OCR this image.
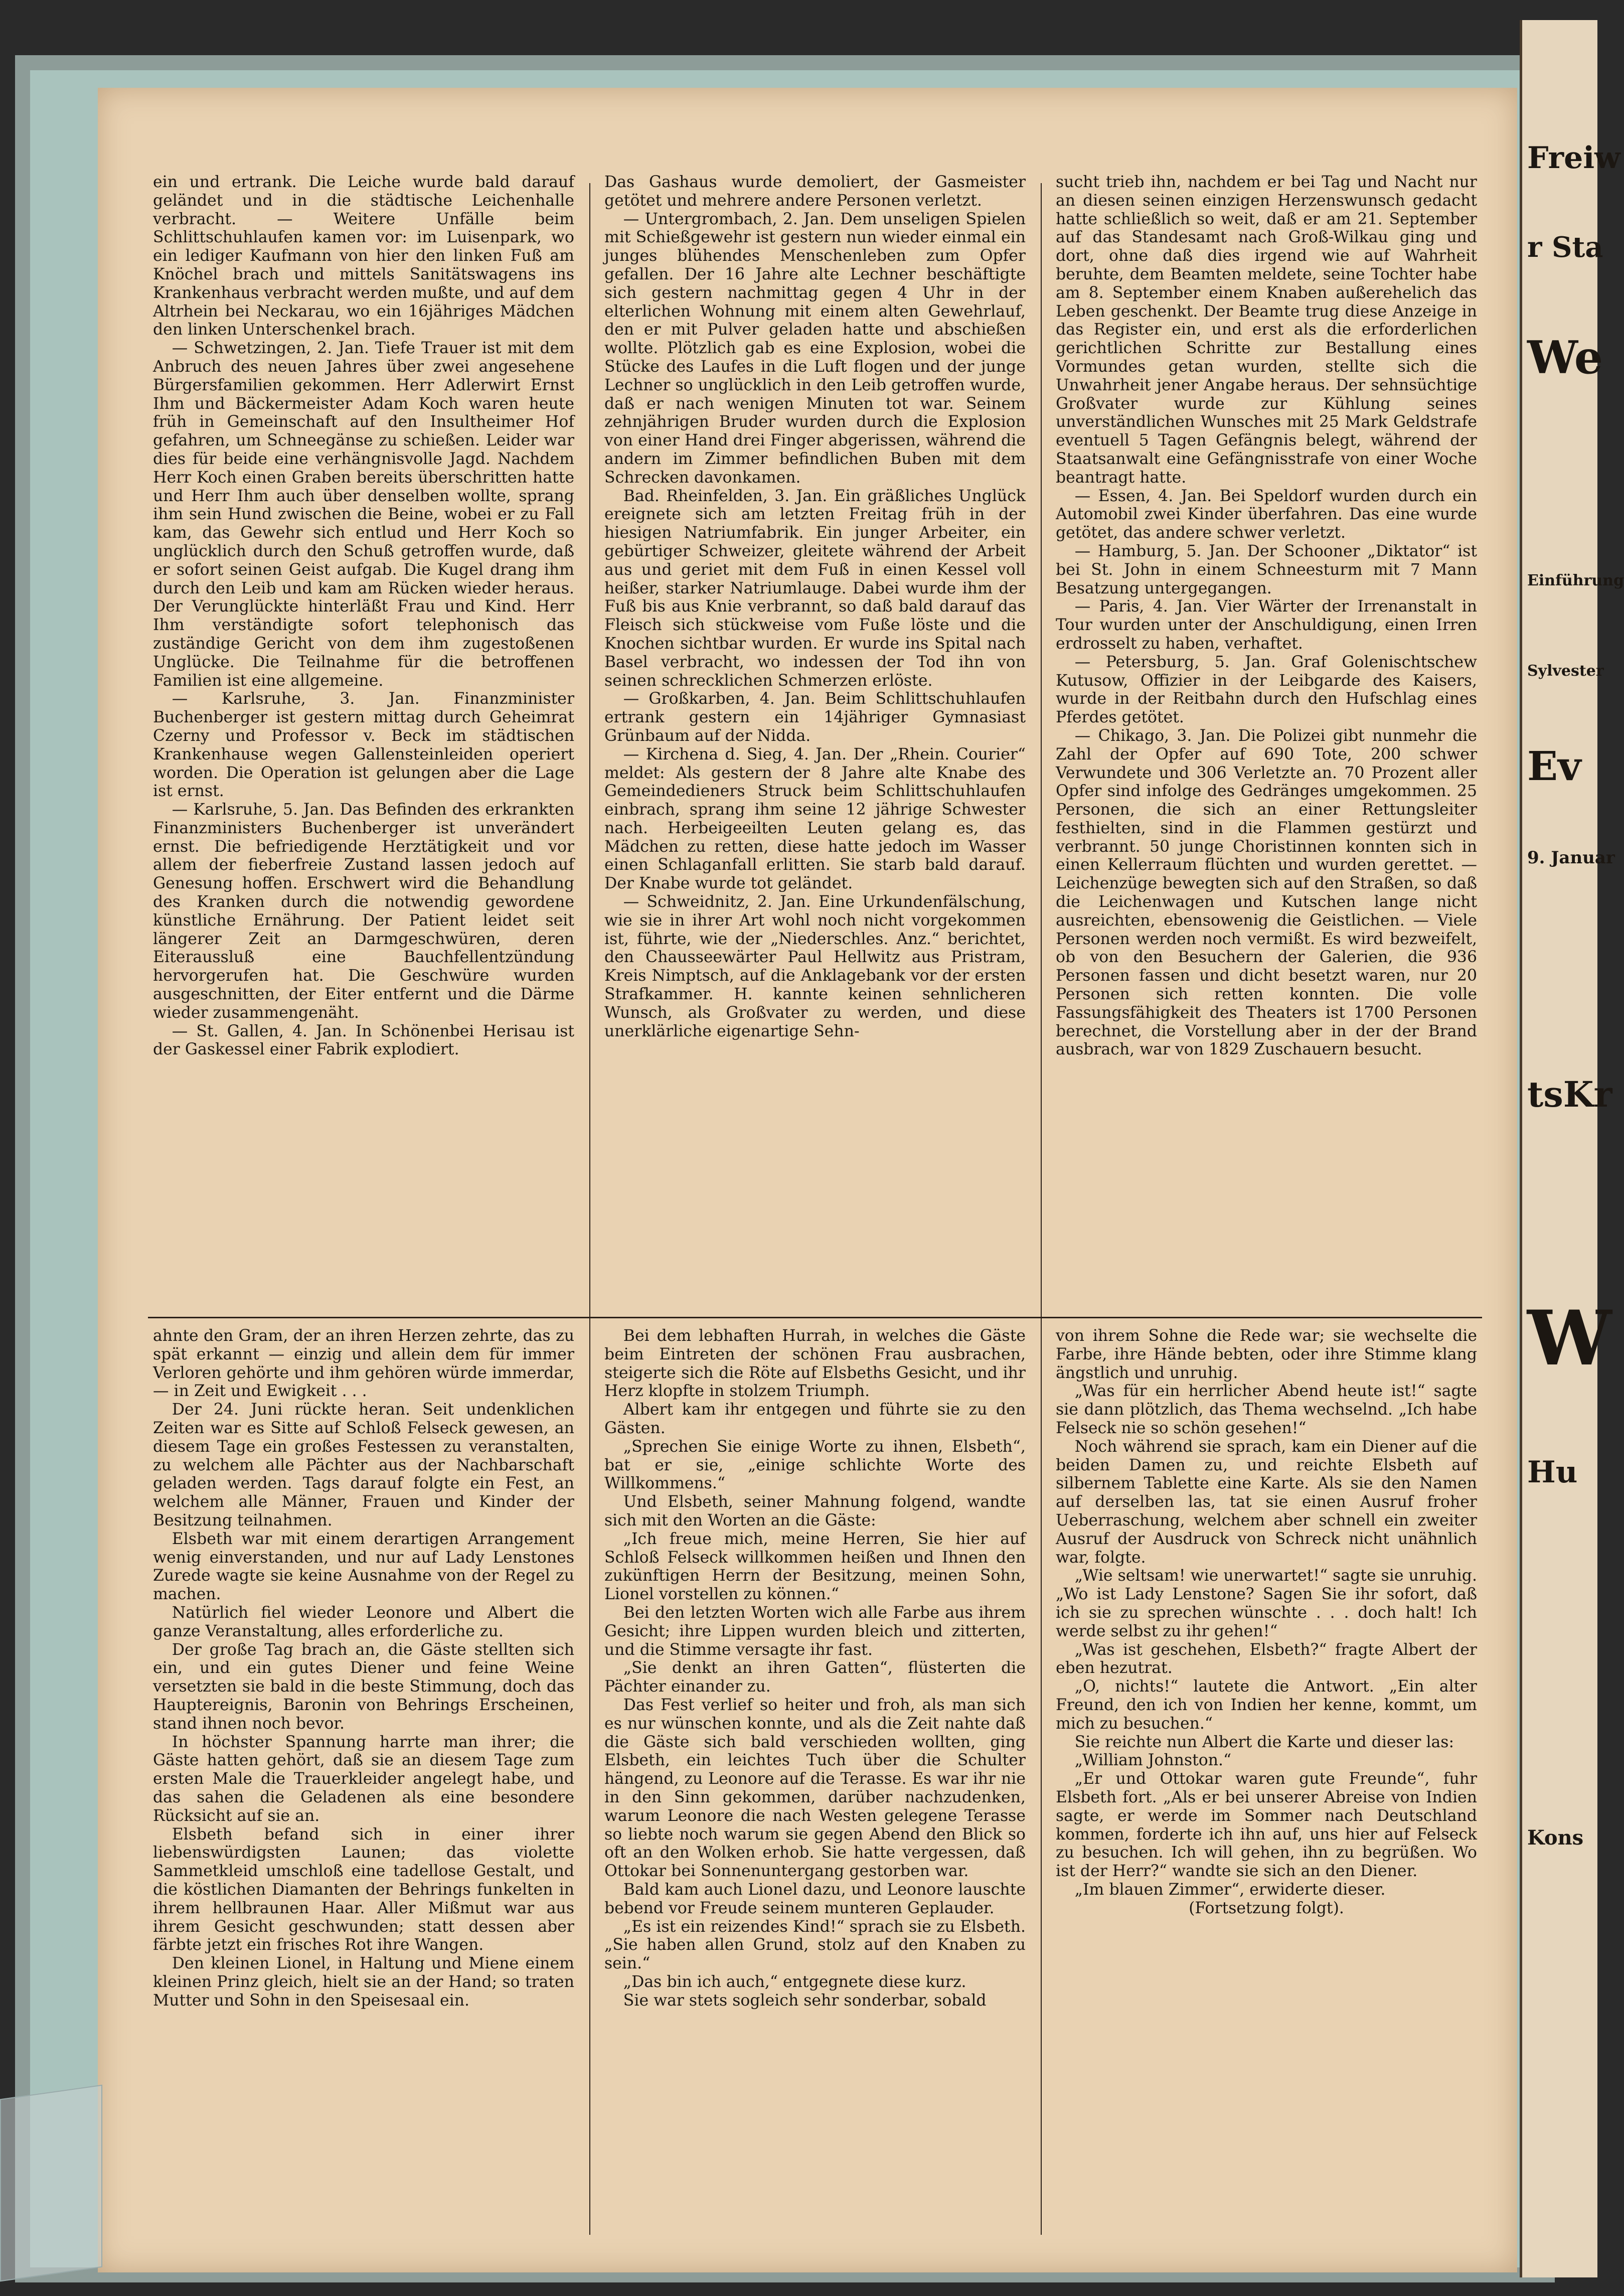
ein und ertrank. Die Leiche wurde bald darauf geländet und in die städtische Leichenhalle verbracht. — Weitere Unfälle beim Schlittschuhlaufen kamen vor: im Luisenpark, wo ein lediger Kaufmann von hier den linken Fuß am Knöchel brach und mittels Sanitätswagens ins Krankenhaus verbracht werden mußte, und auf dem Altrhein bei Neckarau, wo ein 16jähriges Mädchen den linken Unterschenkel brach.

— Schwetzingen, 2. Jan. Tiefe Trauer ist mit dem Anbruch des neuen Jahres über zwei angesehene Bürgersfamilien gekommen. Herr Adlerwirt Ernst Ihm und Bäckermeister Adam Koch waren heute früh in Gemeinschaft auf den Insultheimer Hof gefahren, um Schneegänse zu schießen. Leider war dies für beide eine verhängnisvolle Jagd. Nachdem Herr Koch einen Graben bereits überschritten hatte und Herr Ihm auch über denselben wollte, sprang ihm sein Hund zwischen die Beine, wobei er zu Fall kam, das Gewehr sich entlud und Herr Koch so unglücklich durch den Schuß getroffen wurde, daß er sofort seinen Geist aufgab. Die Kugel drang ihm durch den Leib und kam am Rücken wieder heraus. Der Verunglückte hinterläßt Frau und Kind. Herr Ihm verständigte sofort telephonisch das zuständige Gericht von dem ihm zugestoßenen Unglücke. Die Teilnahme für die betroffenen Familien ist eine allgemeine.

— Karlsruhe, 3. Jan. Finanzminister Buchenberger ist gestern mittag durch Geheimrat Czerny und Professor v. Beck im städtischen Krankenhause wegen Gallensteinleiden operiert worden. Die Operation ist gelungen aber die Lage ist ernst.

— Karlsruhe, 5. Jan. Das Befinden des erkrankten Finanzministers Buchenberger ist unverändert ernst. Die befriedigende Herztätigkeit und vor allem der fieberfreie Zustand lassen jedoch auf Genesung hoffen. Erschwert wird die Behandlung des Kranken durch die notwendig gewordene künstliche Ernährung. Der Patient leidet seit längerer Zeit an Darmgeschwüren, deren Eiteraussluß eine Bauchfellentzündung hervorgerufen hat. Die Geschwüre wurden ausgeschnitten, der Eiter entfernt und die Därme wieder zusammengenäht.

— St. Gallen, 4. Jan. In Schönenbei Herisau ist der Gaskessel einer Fabrik explodiert.

Das Gashaus wurde demoliert, der Gasmeister getötet und mehrere andere Personen verletzt.

— Untergrombach, 2. Jan. Dem unseligen Spielen mit Schießgewehr ist gestern nun wieder einmal ein junges blühendes Menschenleben zum Opfer gefallen. Der 16 Jahre alte Lechner beschäftigte sich gestern nachmittag gegen 4 Uhr in der elterlichen Wohnung mit einem alten Gewehrlauf, den er mit Pulver geladen hatte und abschießen wollte. Plötzlich gab es eine Explosion, wobei die Stücke des Laufes in die Luft flogen und der junge Lechner so unglücklich in den Leib getroffen wurde, daß er nach wenigen Minuten tot war. Seinem zehnjährigen Bruder wurden durch die Explosion von einer Hand drei Finger abgerissen, während die andern im Zimmer befindlichen Buben mit dem Schrecken davonkamen.

Bad. Rheinfelden, 3. Jan. Ein gräßliches Unglück ereignete sich am letzten Freitag früh in der hiesigen Natriumfabrik. Ein junger Arbeiter, ein gebürtiger Schweizer, gleitete während der Arbeit aus und geriet mit dem Fuß in einen Kessel voll heißer, starker Natriumlauge. Dabei wurde ihm der Fuß bis aus Knie verbrannt, so daß bald darauf das Fleisch sich stückweise vom Fuße löste und die Knochen sichtbar wurden. Er wurde ins Spital nach Basel verbracht, wo indessen der Tod ihn von seinen schrecklichen Schmerzen erlöste.

— Großkarben, 4. Jan. Beim Schlittschuhlaufen ertrank gestern ein 14jähriger Gymnasiast Grünbaum auf der Nidda.

— Kirchena d. Sieg, 4. Jan. Der „Rhein. Courier“ meldet: Als gestern der 8 Jahre alte Knabe des Gemeindedieners Struck beim Schlittschuhlaufen einbrach, sprang ihm seine 12 jährige Schwester nach. Herbeigeeilten Leuten gelang es, das Mädchen zu retten, diese hatte jedoch im Wasser einen Schlaganfall erlitten. Sie starb bald darauf. Der Knabe wurde tot geländet.

— Schweidnitz, 2. Jan. Eine Urkundenfälschung, wie sie in ihrer Art wohl noch nicht vorgekommen ist, führte, wie der „Niederschles. Anz.“ berichtet, den Chausseewärter Paul Hellwitz aus Pristram, Kreis Nimptsch, auf die Anklagebank vor der ersten Strafkammer. H. kannte keinen sehnlicheren Wunsch, als Großvater zu werden, und diese unerklärliche eigenartige Sehn-

sucht trieb ihn, nachdem er bei Tag und Nacht nur an diesen seinen einzigen Herzenswunsch gedacht hatte schließlich so weit, daß er am 21. September auf das Standesamt nach Groß-Wilkau ging und dort, ohne daß dies irgend wie auf Wahrheit beruhte, dem Beamten meldete, seine Tochter habe am 8. September einem Knaben außerehelich das Leben geschenkt. Der Beamte trug diese Anzeige in das Register ein, und erst als die erforderlichen gerichtlichen Schritte zur Bestallung eines Vormundes getan wurden, stellte sich die Unwahrheit jener Angabe heraus. Der sehnsüchtige Großvater wurde zur Kühlung seines unverständlichen Wunsches mit 25 Mark Geldstrafe eventuell 5 Tagen Gefängnis belegt, während der Staatsanwalt eine Gefängnisstrafe von einer Woche beantragt hatte.

— Essen, 4. Jan. Bei Speldorf wurden durch ein Automobil zwei Kinder überfahren. Das eine wurde getötet, das andere schwer verletzt.

— Hamburg, 5. Jan. Der Schooner „Diktator“ ist bei St. John in einem Schneesturm mit 7 Mann Besatzung untergegangen.

— Paris, 4. Jan. Vier Wärter der Irrenanstalt in Tour wurden unter der Anschuldigung, einen Irren erdrosselt zu haben, verhaftet.

— Petersburg, 5. Jan. Graf Golenischtschew Kutusow, Offizier in der Leibgarde des Kaisers, wurde in der Reitbahn durch den Hufschlag eines Pferdes getötet.

— Chikago, 3. Jan. Die Polizei gibt nunmehr die Zahl der Opfer auf 690 Tote, 200 schwer Verwundete und 306 Verletzte an. 70 Prozent aller Opfer sind infolge des Gedränges umgekommen. 25 Personen, die sich an einer Rettungsleiter festhielten, sind in die Flammen gestürzt und verbrannt. 50 junge Choristinnen konnten sich in einen Kellerraum flüchten und wurden gerettet. — Leichenzüge bewegten sich auf den Straßen, so daß die Leichenwagen und Kutschen lange nicht ausreichten, ebensowenig die Geistlichen. — Viele Personen werden noch vermißt. Es wird bezweifelt, ob von den Besuchern der Galerien, die 936 Personen fassen und dicht besetzt waren, nur 20 Personen sich retten konnten. Die volle Fassungsfähigkeit des Theaters ist 1700 Personen berechnet, die Vorstellung aber in der der Brand ausbrach, war von 1829 Zuschauern besucht.

ahnte den Gram, der an ihren Herzen zehrte, das zu spät erkannt — einzig und allein dem für immer Verloren gehörte und ihm gehören würde immerdar, — in Zeit und Ewigkeit . . .

Der 24. Juni rückte heran. Seit undenklichen Zeiten war es Sitte auf Schloß Felseck gewesen, an diesem Tage ein großes Festessen zu veranstalten, zu welchem alle Pächter aus der Nachbarschaft geladen werden. Tags darauf folgte ein Fest, an welchem alle Männer, Frauen und Kinder der Besitzung teilnahmen.

Elsbeth war mit einem derartigen Arrangement wenig einverstanden, und nur auf Lady Lenstones Zurede wagte sie keine Ausnahme von der Regel zu machen.

Natürlich fiel wieder Leonore und Albert die ganze Veranstaltung, alles erforderliche zu.

Der große Tag brach an, die Gäste stellten sich ein, und ein gutes Diener und feine Weine versetzten sie bald in die beste Stimmung, doch das Hauptereignis, Baronin von Behrings Erscheinen, stand ihnen noch bevor.

In höchster Spannung harrte man ihrer; die Gäste hatten gehört, daß sie an diesem Tage zum ersten Male die Trauerkleider angelegt habe, und das sahen die Geladenen als eine besondere Rücksicht auf sie an.

Elsbeth befand sich in einer ihrer liebenswürdigsten Launen; das violette Sammetkleid umschloß eine tadellose Gestalt, und die köstlichen Diamanten der Behrings funkelten in ihrem hellbraunen Haar. Aller Mißmut war aus ihrem Gesicht geschwunden; statt dessen aber färbte jetzt ein frisches Rot ihre Wangen.

Den kleinen Lionel, in Haltung und Miene einem kleinen Prinz gleich, hielt sie an der Hand; so traten Mutter und Sohn in den Speisesaal ein.

Bei dem lebhaften Hurrah, in welches die Gäste beim Eintreten der schönen Frau ausbrachen, steigerte sich die Röte auf Elsbeths Gesicht, und ihr Herz klopfte in stolzem Triumph.

Albert kam ihr entgegen und führte sie zu den Gästen.

„Sprechen Sie einige Worte zu ihnen, Elsbeth“, bat er sie, „einige schlichte Worte des Willkommens.“

Und Elsbeth, seiner Mahnung folgend, wandte sich mit den Worten an die Gäste:

„Ich freue mich, meine Herren, Sie hier auf Schloß Felseck willkommen heißen und Ihnen den zukünftigen Herrn der Besitzung, meinen Sohn, Lionel vorstellen zu können.“

Bei den letzten Worten wich alle Farbe aus ihrem Gesicht; ihre Lippen wurden bleich und zitterten, und die Stimme versagte ihr fast.

„Sie denkt an ihren Gatten“, flüsterten die Pächter einander zu.

Das Fest verlief so heiter und froh, als man sich es nur wünschen konnte, und als die Zeit nahte daß die Gäste sich bald verschieden wollten, ging Elsbeth, ein leichtes Tuch über die Schulter hängend, zu Leonore auf die Terasse. Es war ihr nie in den Sinn gekommen, darüber nachzudenken, warum Leonore die nach Westen gelegene Terasse so liebte noch warum sie gegen Abend den Blick so oft an den Wolken erhob. Sie hatte vergessen, daß Ottokar bei Sonnenuntergang gestorben war.

Bald kam auch Lionel dazu, und Leonore lauschte bebend vor Freude seinem munteren Geplauder.

„Es ist ein reizendes Kind!“ sprach sie zu Elsbeth. „Sie haben allen Grund, stolz auf den Knaben zu sein.“

„Das bin ich auch,“ entgegnete diese kurz.

Sie war stets sogleich sehr sonderbar, sobald

von ihrem Sohne die Rede war; sie wechselte die Farbe, ihre Hände bebten, oder ihre Stimme klang ängstlich und unruhig.

„Was für ein herrlicher Abend heute ist!“ sagte sie dann plötzlich, das Thema wechselnd. „Ich habe Felseck nie so schön gesehen!“

Noch während sie sprach, kam ein Diener auf die beiden Damen zu, und reichte Elsbeth auf silbernem Tablette eine Karte. Als sie den Namen auf derselben las, tat sie einen Ausruf froher Ueberraschung, welchem aber schnell ein zweiter Ausruf der Ausdruck von Schreck nicht unähnlich war, folgte.

„Wie seltsam! wie unerwartet!“ sagte sie unruhig. „Wo ist Lady Lenstone? Sagen Sie ihr sofort, daß ich sie zu sprechen wünschte . . . doch halt! Ich werde selbst zu ihr gehen!“

„Was ist geschehen, Elsbeth?“ fragte Albert der eben hezutrat.

„O, nichts!“ lautete die Antwort. „Ein alter Freund, den ich von Indien her kenne, kommt, um mich zu besuchen.“

Sie reichte nun Albert die Karte und dieser las:

„William Johnston.“

„Er und Ottokar waren gute Freunde“, fuhr Elsbeth fort. „Als er bei unserer Abreise von Indien sagte, er werde im Sommer nach Deutschland kommen, forderte ich ihn auf, uns hier auf Felseck zu besuchen. Ich will gehen, ihn zu begrüßen. Wo ist der Herr?“ wandte sie sich an den Diener.

„Im blauen Zimmer“, erwiderte dieser.

(Fortsetzung folgt).

Freiw
r Sta
We
Einführung
Sylvester
Ev
9. Januar
tsKr
W
Hu
Kons
